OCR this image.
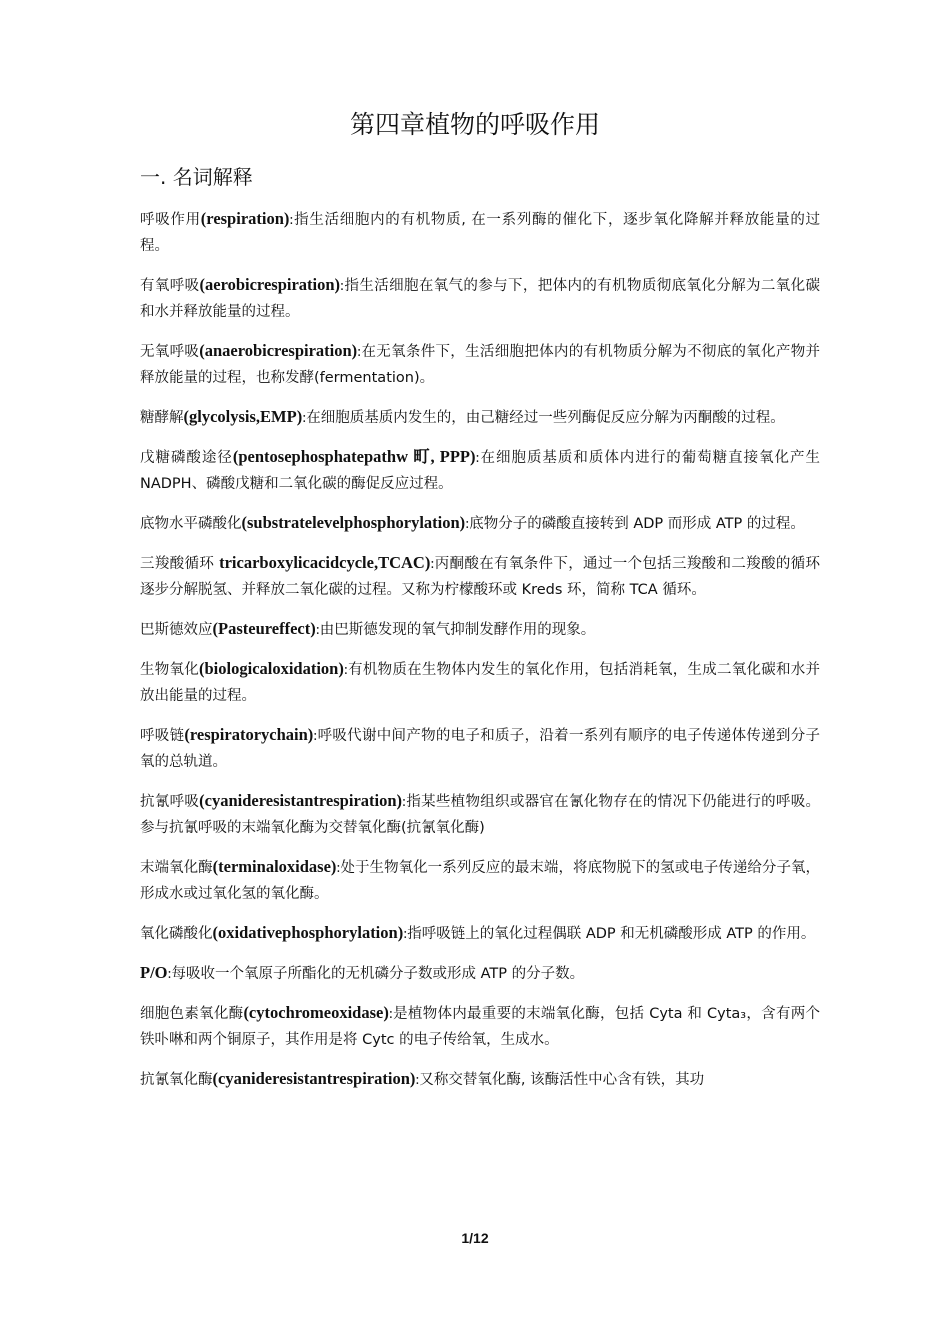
第四章植物的呼吸作用
一. 名词解释

呼吸作用(respiration):指生活细胞内的有机物质, 在一系列酶的催化下，逐步氧化降解并释放能量的过程。

有氧呼吸(aerobicrespiration):指生活细胞在氧气的参与下，把体内的有机物质彻底氧化分解为二氧化碳和水并释放能量的过程。

无氧呼吸(anaerobicrespiration):在无氧条件下，生活细胞把体内的有机物质分解为不彻底的氧化产物并释放能量的过程，也称发酵(fermentation)。

糖酵解(glycolysis,EMP):在细胞质基质内发生的，由己糖经过一些列酶促反应分解为丙酮酸的过程。

戊糖磷酸途径(pentosephosphatepathw 町, PPP):在细胞质基质和质体内进行的葡萄糖直接氧化产生 NADPH、磷酸戊糖和二氧化碳的酶促反应过程。

底物水平磷酸化(substratelevelphosphorylation):底物分子的磷酸直接转到 ADP 而形成 ATP 的过程。

三羧酸循环 tricarboxylicacidcycle,TCAC):丙酮酸在有氧条件下，通过一个包括三羧酸和二羧酸的循环逐步分解脱氢、并释放二氧化碳的过程。又称为柠檬酸环或 Kreds 环，简称 TCA 循环。

巴斯德效应(Pasteureffect):由巴斯德发现的氧气抑制发酵作用的现象。

生物氧化(biologicaloxidation):有机物质在生物体内发生的氧化作用，包括消耗氧，生成二氧化碳和水并放出能量的过程。

呼吸链(respiratorychain):呼吸代谢中间产物的电子和质子，沿着一系列有顺序的电子传递体传递到分子氧的总轨道。

抗氰呼吸(cyanideresistantrespiration):指某些植物组织或器官在氰化物存在的情况下仍能进行的呼吸。参与抗氰呼吸的末端氧化酶为交替氧化酶(抗氰氧化酶)

末端氧化酶(terminaloxidase):处于生物氧化一系列反应的最末端，将底物脱下的氢或电子传递给分子氧，形成水或过氧化氢的氧化酶。

氧化磷酸化(oxidativephosphorylation):指呼吸链上的氧化过程偶联 ADP 和无机磷酸形成 ATP 的作用。

P/O:每吸收一个氧原子所酯化的无机磷分子数或形成 ATP 的分子数。

细胞色素氧化酶(cytochromeoxidase):是植物体内最重要的末端氧化酶，包括 Cyta 和 Cyta₃，含有两个铁卟啉和两个铜原子，其作用是将 Cytc 的电子传给氧，生成水。

抗氰氧化酶(cyanideresistantrespiration):又称交替氧化酶, 该酶活性中心含有铁，其功

1/12
